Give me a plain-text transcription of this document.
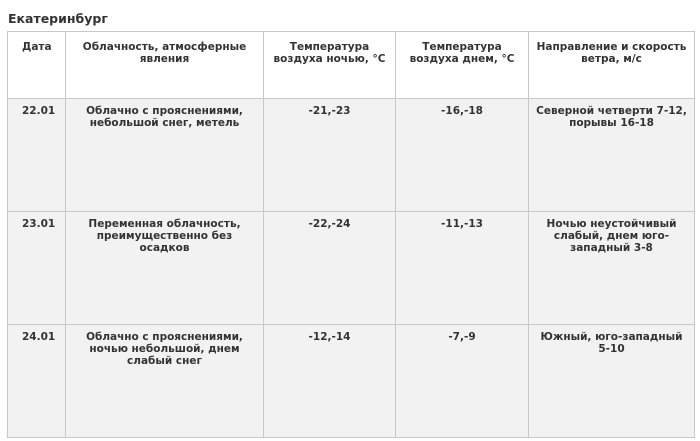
Екатеринбург
Дата	Облачность, атмосферные явления	Температура воздуха ночью, °С	Температура воздуха днем, °С	Направление и скорость ветра, м/с
22.01	Облачно с прояснениями, небольшой снег, метель	-21,-23	-16,-18	Северной четверти 7-12, порывы 16-18
23.01	Переменная облачность, преимущественно без осадков	-22,-24	-11,-13	Ночью неустойчивый слабый, днем юго-западный 3-8
24.01	Облачно с прояснениями, ночью небольшой, днем слабый снег	-12,-14	-7,-9	Южный, юго-западный 5-10
